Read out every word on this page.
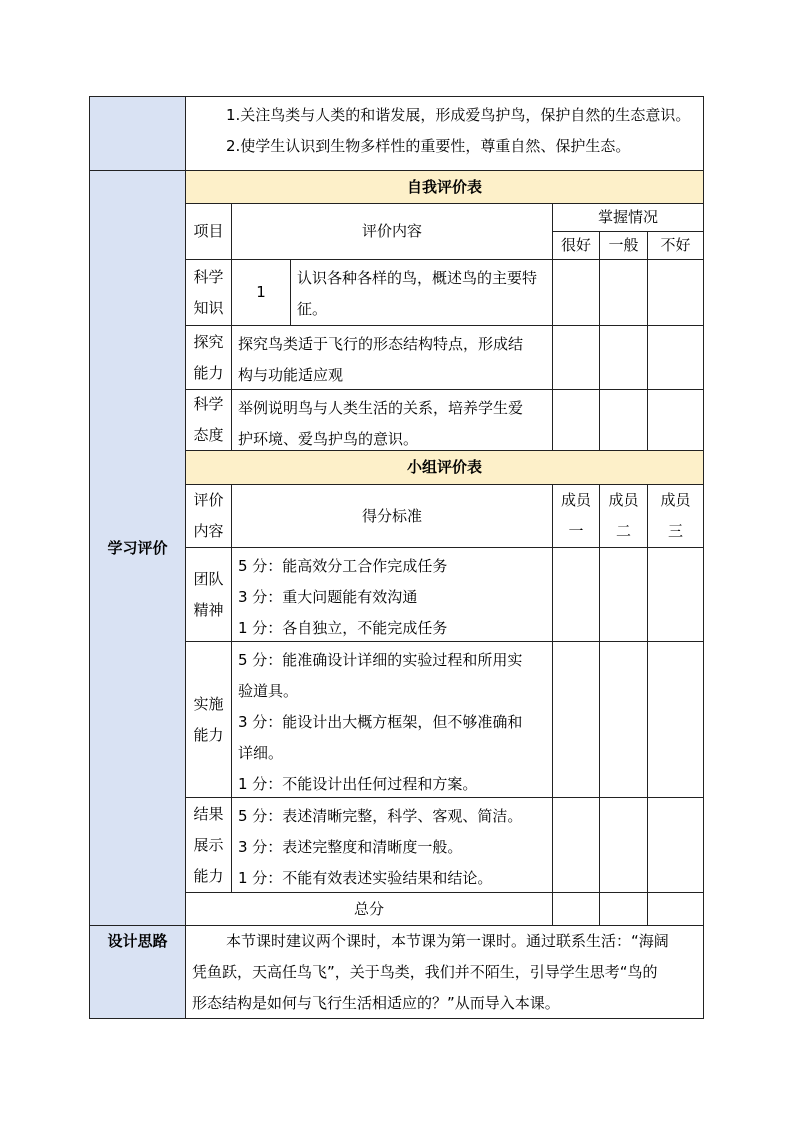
1.关注鸟类与人类的和谐发展，形成爱鸟护鸟，保护自然的生态意识。
2.使学生认识到生物多样性的重要性，尊重自然、保护生态。
学习评价
自我评价表
项目	评价内容
掌握情况
很好 一般 不好
科学
知识
1
认识各种各样的鸟，概述鸟的主要特
征。
探究
能力
探究鸟类适于飞行的形态结构特点，形成结
构与功能适应观
科学
态度
举例说明鸟与人类生活的关系，培养学生爱
护环境、爱鸟护鸟的意识。
小组评价表
评价
内容
得分标准
成员
一
成员
二
成员
三
团队
精神
5 分：能高效分工合作完成任务
3 分：重大问题能有效沟通
1 分：各自独立，不能完成任务
实施
能力
5 分：能准确设计详细的实验过程和所用实
验道具。
3 分：能设计出大概方框架，但不够准确和
详细。
1 分：不能设计出任何过程和方案。
结果
展示
能力
5 分：表述清晰完整，科学、客观、简洁。
3 分：表述完整度和清晰度一般。
1 分：不能有效表述实验结果和结论。
总分
设计思路	本节课时建议两个课时，本节课为第一课时。通过联系生活：“海阔
凭鱼跃，天高任鸟飞”，关于鸟类，我们并不陌生，引导学生思考“鸟的
形态结构是如何与飞行生活相适应的？”从而导入本课。
